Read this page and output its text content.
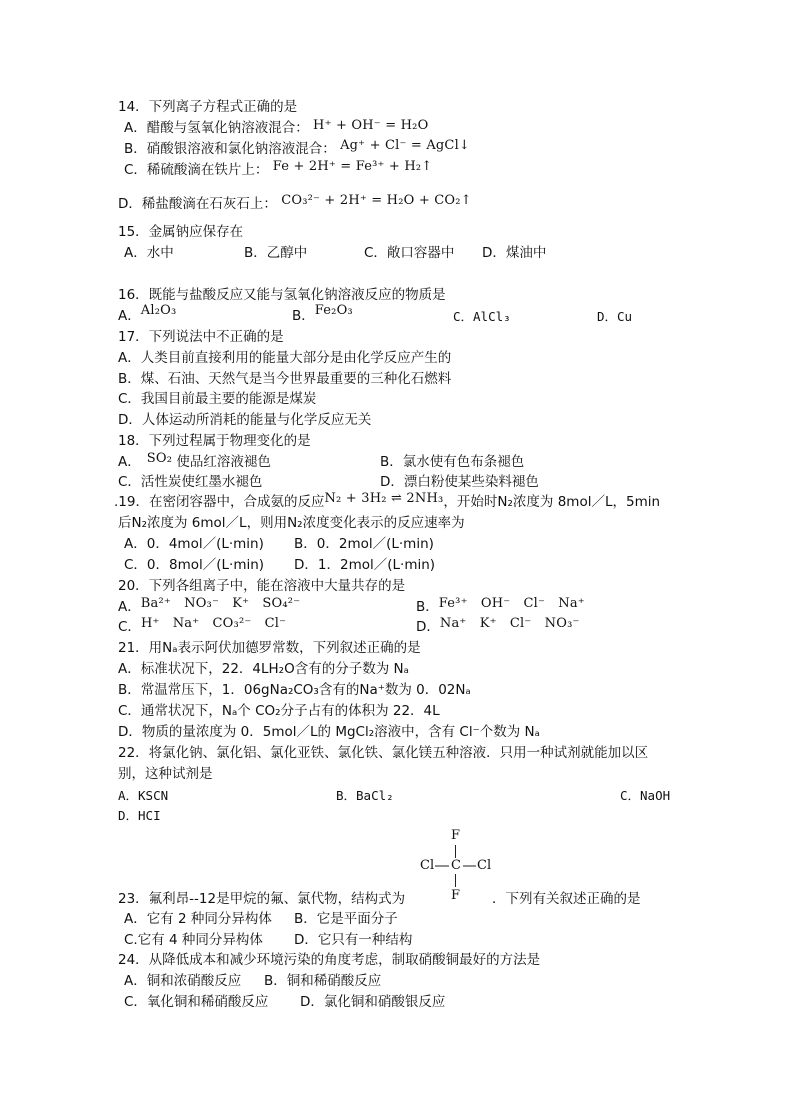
14．下列离子方程式正确的是
A．醋酸与氢氧化钠溶液混合： H⁺ + OH⁻ = H₂O
B．硝酸银溶液和氯化钠溶液混合： Ag⁺ + Cl⁻ = AgCl↓
C．稀硫酸滴在铁片上： Fe + 2H⁺ = Fe³⁺ + H₂↑
D．稀盐酸滴在石灰石上： CO₃²⁻ + 2H⁺ = H₂O + CO₂↑
15．金属钠应保存在
A．水中	B．乙醇中	C．敞口容器中 D．煤油中
16．既能与盐酸反应又能与氢氧化钠溶液反应的物质是
A．Al₂O₃	B．Fe₂O₃	C．AlCl₃	D．Cu
17．下列说法中不正确的是
A．人类目前直接利用的能量大部分是由化学反应产生的
B．煤、石油、天然气是当今世界最重要的三种化石燃料
C．我国目前最主要的能源是煤炭
D．人体运动所消耗的能量与化学反应无关
18．下列过程属于物理变化的是
A． SO₂ 使品红溶液褪色	B．氯水使有色布条褪色
C．活性炭使红墨水褪色	D．漂白粉使某些染料褪色
.19．在密闭容器中，合成氨的反应N₂ + 3H₂ ⇌ 2NH₃，开始时N₂浓度为 8mol／L，5min
后N₂浓度为 6mol／L，则用N₂浓度变化表示的反应速率为
A．0．4mol／(L·min) B．0．2mol／(L·min)
C．0．8mol／(L·min) D．1．2mol／(L·min)
20．下列各组离子中，能在溶液中大量共存的是
A．Ba²⁺　NO₃⁻　K⁺　SO₄²⁻	B．Fe³⁺　OH⁻　Cl⁻　Na⁺
C．H⁺　Na⁺　CO₃²⁻　Cl⁻	D．Na⁺　K⁺　Cl⁻　NO₃⁻
21．用Nₐ表示阿伏加德罗常数，下列叙述正确的是
A．标准状况下，22．4LH₂O含有的分子数为 Nₐ
B．常温常压下，1．06gNa₂CO₃含有的Na⁺数为 0．02Nₐ
C．通常状况下，Nₐ个 CO₂分子占有的体积为 22．4L
D．物质的量浓度为 0．5mol／L的 MgCl₂溶液中，含有 Cl⁻个数为 Nₐ
22．将氯化钠、氯化铝、氯化亚铁、氯化铁、氯化镁五种溶液．只用一种试剂就能加以区
别，这种试剂是
A．KSCN	B．BaCl₂	C．NaOH
D．HCI
F
Cl C Cl
F
23．氟利昂--12是甲烷的氟、氯代物，结构式为	．下列有关叙述正确的是
A．它有 2 种同分异构体 B．它是平面分子
C.它有 4 种同分异构体 D．它只有一种结构
24．从降低成本和减少环境污染的角度考虑，制取硝酸铜最好的方法是
A．铜和浓硝酸反应 B．铜和稀硝酸反应
C．氧化铜和稀硝酸反应 D．氯化铜和硝酸银反应
